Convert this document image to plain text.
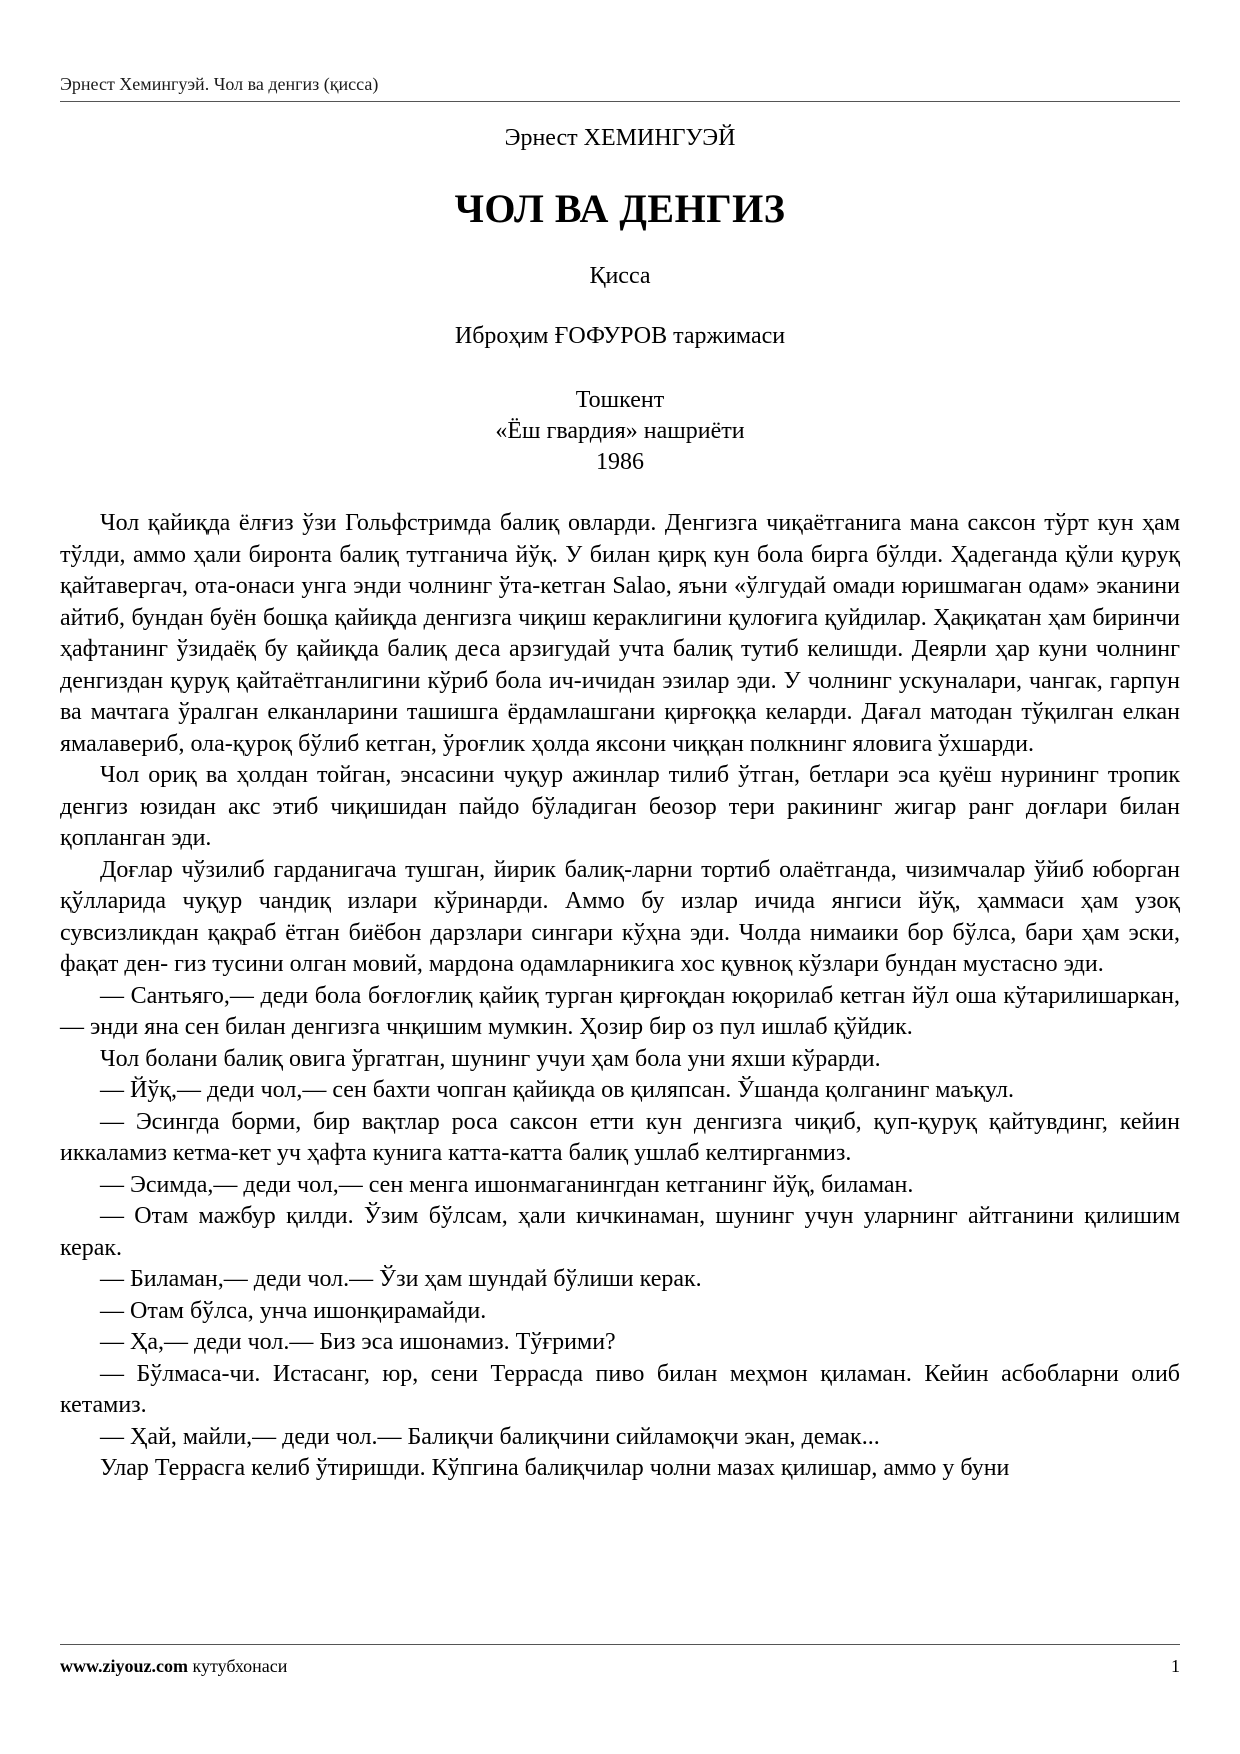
Эрнест Хемингуэй. Чол ва денгиз (қисса)

Эрнест ХЕМИНГУЭЙ

ЧОЛ ВА ДЕНГИЗ

Қисса

Иброҳим ҒОФУРОВ таржимаси

Тошкент
«Ёш гвардия» нашриёти
1986

Чол қайиқда ёлғиз ўзи Гольфстримда балиқ овларди. Денгизга чиқаётганига мана саксон тўрт кун ҳам тўлди, аммо ҳали биронта балиқ тутганича йўқ. У билан қирқ кун бола бирга бўлди. Ҳадеганда қўли қуруқ қайтавергач, ота-онаси унга энди чолнинг ўта-кетган Salao, яъни «ўлгудай омади юришмаган одам» эканини айтиб, бундан буён бошқа қайиқда денгизга чиқиш кераклигини қулоғига қуйдилар. Ҳақиқатан ҳам биринчи ҳафтанинг ўзидаёқ бу қайиқда балиқ деса арзигудай учта балиқ тутиб келишди. Деярли ҳар куни чолнинг денгиздан қуруқ қайтаётганлигини кўриб бола ич-ичидан эзилар эди. У чолнинг ускуналари, чангак, гарпун ва мачтага ўралган елканларини ташишга ёрдамлашгани қирғоққа келарди. Дағал матодан тўқилган елкан ямалавериб, ола-қуроқ бўлиб кетган, ўроғлик ҳолда яксони чиққан полкнинг яловига ўхшарди.

Чол ориқ ва ҳолдан тойган, энсасини чуқур ажинлар тилиб ўтган, бетлари эса қуёш нурининг тропик денгиз юзидан акс этиб чиқишидан пайдо бўладиган беозор тери ракининг жигар ранг доғлари билан қопланган эди.

Доғлар чўзилиб гарданигача тушган, йирик балиқ-ларни тортиб олаётганда, чизимчалар ўйиб юборган қўлларида чуқур чандиқ излари кўринарди. Аммо бу излар ичида янгиси йўқ, ҳаммаси ҳам узоқ сувсизликдан қақраб ётган биёбон дарзлари сингари кўҳна эди. Чолда нимаики бор бўлса, бари ҳам эски, фақат ден- гиз тусини олган мовий, мардона одамларникига хос қувноқ кўзлари бундан мустасно эди.

— Сантьяго,— деди бола боғлоғлиқ қайиқ турган қирғоқдан юқорилаб кетган йўл оша кўтарилишаркан,— энди яна сен билан денгизга чнқишим мумкин. Ҳозир бир оз пул ишлаб қўйдик.

Чол болани балиқ овига ўргатган, шунинг учуи ҳам бола уни яхши кўрарди.

— Йўқ,— деди чол,— сен бахти чопган қайиқда ов қиляпсан. Ўшанда қолганинг маъқул.

— Эсингда борми, бир вақтлар роса саксон етти кун денгизга чиқиб, қуп-қуруқ қайтувдинг, кейин иккаламиз кетма-кет уч ҳафта кунига катта-катта балиқ ушлаб келтирганмиз.

— Эсимда,— деди чол,— сен менга ишонмаганингдан кетганинг йўқ, биламан.

— Отам мажбур қилди. Ўзим бўлсам, ҳали кичкинаман, шунинг учун уларнинг айтганини қилишим керак.

— Биламан,— деди чол.— Ўзи ҳам шундай бўлиши керак.

— Отам бўлса, унча ишонқирамайди.

— Ҳа,— деди чол.— Биз эса ишонамиз. Тўғрими?

— Бўлмаса-чи. Истасанг, юр, сени Террасда пиво билан меҳмон қиламан. Кейин асбобларни олиб кетамиз.

— Ҳай, майли,— деди чол.— Балиқчи балиқчини сийламоқчи экан, демак...

Улар Террасга келиб ўтиришди. Кўпгина балиқчилар чолни мазах қилишар, аммо у буни

www.ziyouz.com кутубхонаси	1
